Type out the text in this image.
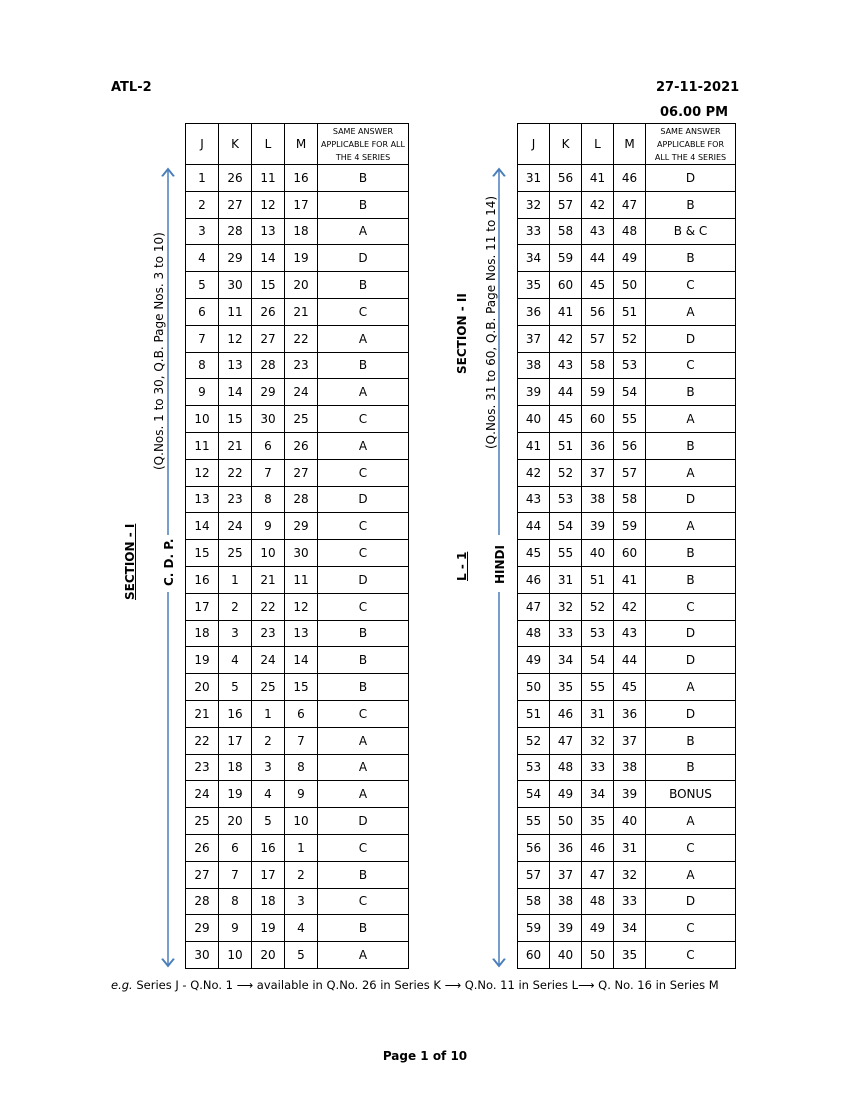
ATL-2	27-11-2021
06.00 PM
J	K	L	M	SAME ANSWER
APPLICABLE FOR ALL
THE 4 SERIES

1	26	11	16	B
2	27	12	17	B
3	28	13	18	A
4	29	14	19	D
5	30	15	20	B
6	11	26	21	C
7	12	27	22	A
8	13	28	23	B
9	14	29	24	A
10	15	30	25	C
11	21	6	26	A
12	22	7	27	C
13	23	8	28	D
14	24	9	29	C
15	25	10	30	C
16	1	21	11	D
17	2	22	12	C
18	3	23	13	B
19	4	24	14	B
20	5	25	15	B
21	16	1	6	C
22	17	2	7	A
23	18	3	8	A
24	19	4	9	A
25	20	5	10	D
26	6	16	1	C
27	7	17	2	B
28	8	18	3	C
29	9	19	4	B
30	10	20	5	A
J	K	L	M	SAME ANSWER
APPLICABLE FOR
ALL THE 4 SERIES

31	56	41	46	D
32	57	42	47	B
33	58	43	48	B & C
34	59	44	49	B
35	60	45	50	C
36	41	56	51	A
37	42	57	52	D
38	43	58	53	C
39	44	59	54	B
40	45	60	55	A
41	51	36	56	B
42	52	37	57	A
43	53	38	58	D
44	54	39	59	A
45	55	40	60	B
46	31	51	41	B
47	32	52	42	C
48	33	53	43	D
49	34	54	44	D
50	35	55	45	A
51	46	31	36	D
52	47	32	37	B
53	48	33	38	B
54	49	34	39	BONUS
55	50	35	40	A
56	36	46	31	C
57	37	47	32	A
58	38	48	33	D
59	39	49	34	C
60	40	50	35	C
(Q.Nos. 1 to 30, Q.B. Page Nos. 3 to 10)
C. D. P.
SECTION - I
SECTION - II (Q.Nos. 31 to 60, Q.B. Page Nos. 11 to 14)
L - 1 HINDI
e.g. Series J - Q.No. 1 ⟶ available in Q.No. 26 in Series K ⟶ Q.No. 11 in Series L⟶ Q. No. 16 in Series M
Page 1 of 10
